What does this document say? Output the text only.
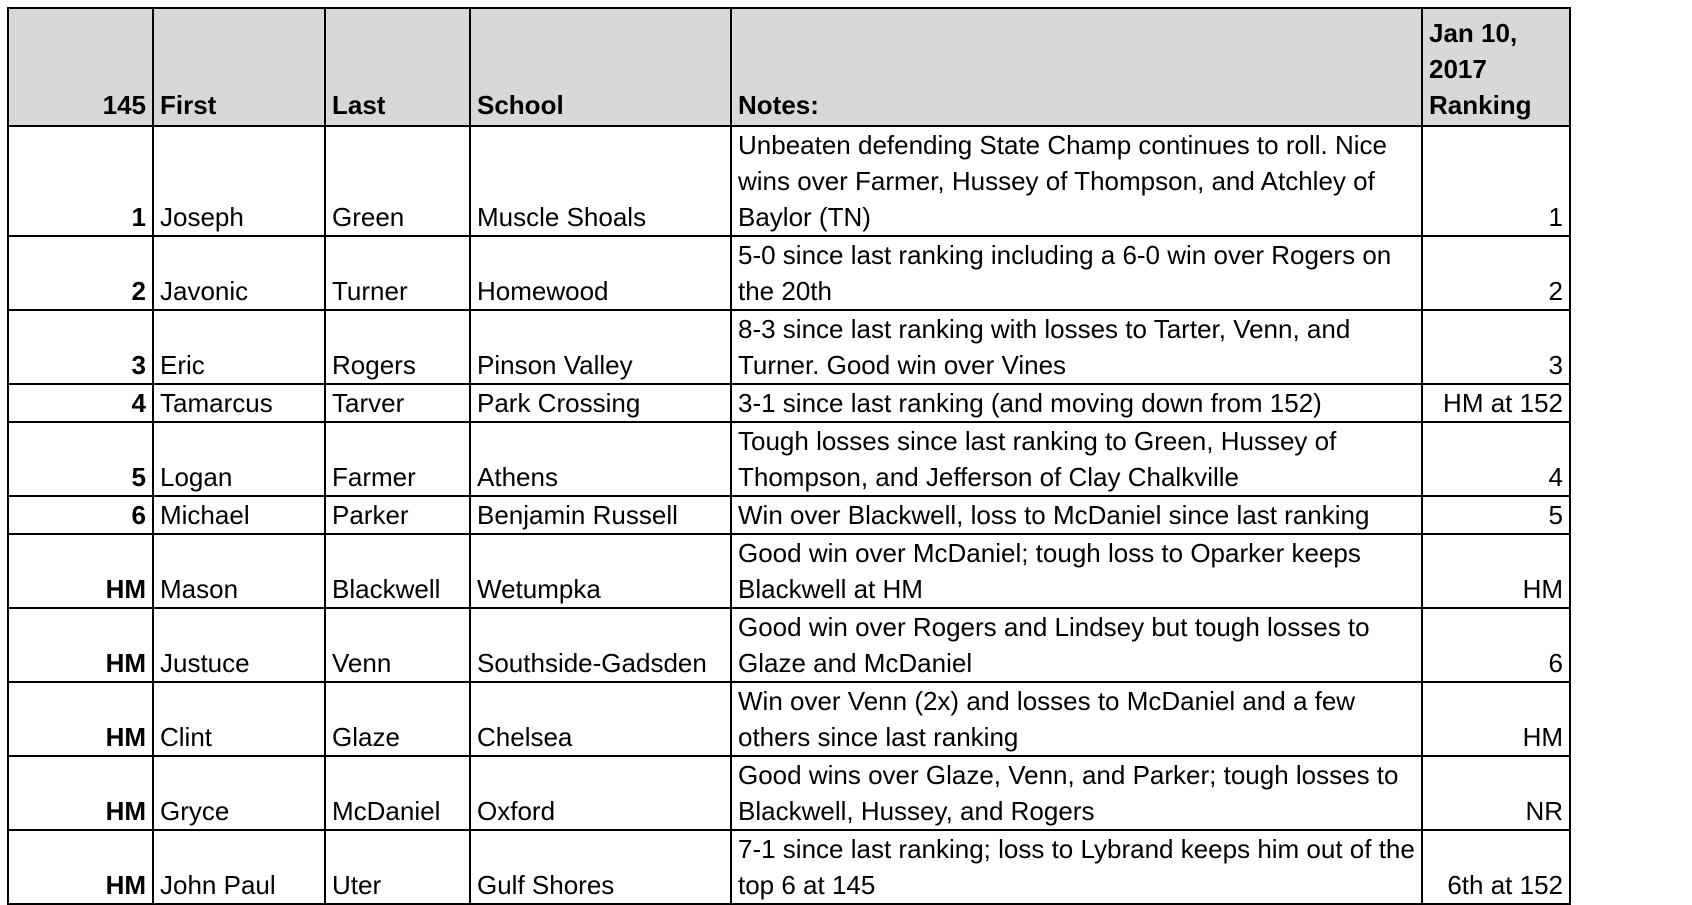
145	First	Last	School	Notes:	Jan 10, 2017 Ranking
1	Joseph	Green	Muscle Shoals	Unbeaten defending State Champ continues to roll. Nice wins over Farmer, Hussey of Thompson, and Atchley of Baylor (TN)	1
2	Javonic	Turner	Homewood	5-0 since last ranking including a 6-0 win over Rogers on the 20th	2
3	Eric	Rogers	Pinson Valley	8-3 since last ranking with losses to Tarter, Venn, and Turner. Good win over Vines	3
4	Tamarcus	Tarver	Park Crossing	3-1 since last ranking (and moving down from 152)	HM at 152
5	Logan	Farmer	Athens	Tough losses since last ranking to Green, Hussey of Thompson, and Jefferson of Clay Chalkville	4
6	Michael	Parker	Benjamin Russell	Win over Blackwell, loss to McDaniel since last ranking	5
HM	Mason	Blackwell	Wetumpka	Good win over McDaniel; tough loss to Oparker keeps Blackwell at HM	HM
HM	Justuce	Venn	Southside-Gadsden	Good win over Rogers and Lindsey but tough losses to Glaze and McDaniel	6
HM	Clint	Glaze	Chelsea	Win over Venn (2x) and losses to McDaniel and a few others since last ranking	HM
HM	Gryce	McDaniel	Oxford	Good wins over Glaze, Venn, and Parker; tough losses to Blackwell, Hussey, and Rogers	NR
HM	John Paul	Uter	Gulf Shores	7-1 since last ranking; loss to Lybrand keeps him out of the top 6 at 145	6th at 152
